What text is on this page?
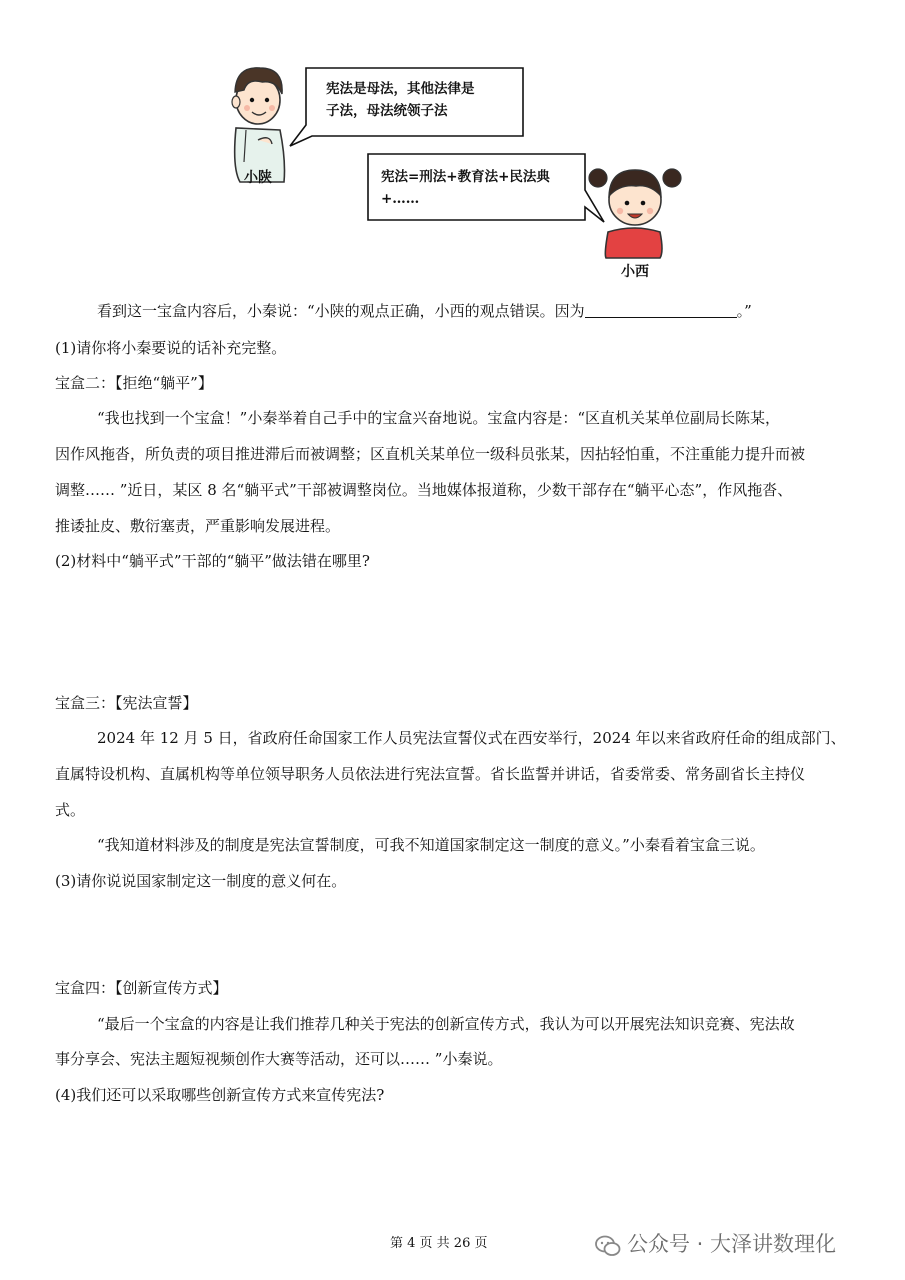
宪法是母法，其他法律是
子法，母法统领子法
小陕	宪法=刑法+教育法+民法典
+……
小西
看到这一宝盒内容后，小秦说：“小陕的观点正确，小西的观点错误。因为	。”
(1)请你将小秦要说的话补充完整。
宝盒二：【拒绝“躺平”】
“我也找到一个宝盒！”小秦举着自己手中的宝盒兴奋地说。宝盒内容是：“区直机关某单位副局长陈某，
因作风拖沓，所负责的项目推进滞后而被调整；区直机关某单位一级科员张某，因拈轻怕重，不注重能力提升而被
调整…… ”近日，某区 8 名“躺平式”干部被调整岗位。当地媒体报道称，少数干部存在“躺平心态”，作风拖沓、
推诿扯皮、敷衍塞责，严重影响发展进程。
(2)材料中“躺平式”干部的“躺平”做法错在哪里?
宝盒三：【宪法宣誓】
2024 年 12 月 5 日，省政府任命国家工作人员宪法宣誓仪式在西安举行，2024 年以来省政府任命的组成部门、
直属特设机构、直属机构等单位领导职务人员依法进行宪法宣誓。省长监誓并讲话，省委常委、常务副省长主持仪
式。
“我知道材料涉及的制度是宪法宣誓制度，可我不知道国家制定这一制度的意义。”小秦看着宝盒三说。
(3)请你说说国家制定这一制度的意义何在。
宝盒四：【创新宣传方式】
“最后一个宝盒的内容是让我们推荐几种关于宪法的创新宣传方式，我认为可以开展宪法知识竞赛、宪法故
事分享会、宪法主题短视频创作大赛等活动，还可以…… ”小秦说。
(4)我们还可以采取哪些创新宣传方式来宣传宪法?
第 4 页 共 26 页	公众号 · 大泽讲数理化
